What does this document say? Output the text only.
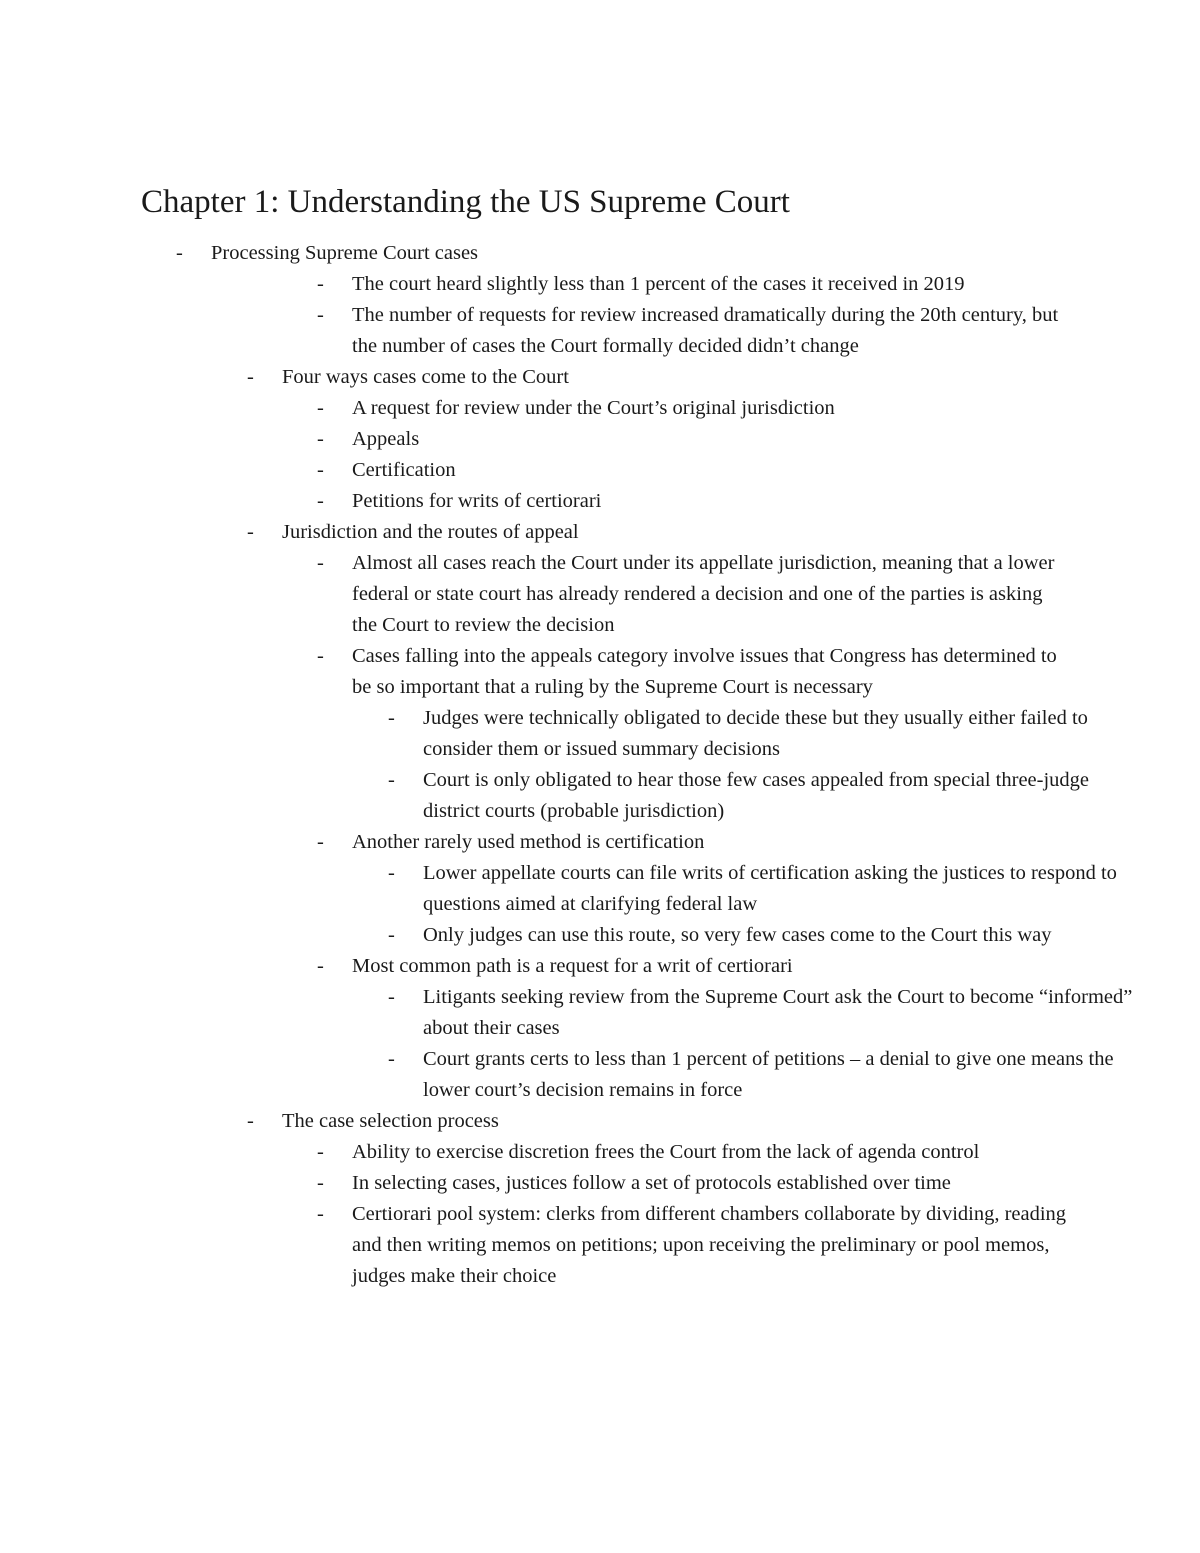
Chapter 1: Understanding the US Supreme Court
- Processing Supreme Court cases
- The court heard slightly less than 1 percent of the cases it received in 2019
- The number of requests for review increased dramatically during the 20th century, but the number of cases the Court formally decided didn’t change
- Four ways cases come to the Court
- A request for review under the Court’s original jurisdiction
- Appeals
- Certification
- Petitions for writs of certiorari
- Jurisdiction and the routes of appeal
- Almost all cases reach the Court under its appellate jurisdiction, meaning that a lower federal or state court has already rendered a decision and one of the parties is asking the Court to review the decision
- Cases falling into the appeals category involve issues that Congress has determined to be so important that a ruling by the Supreme Court is necessary
- Judges were technically obligated to decide these but they usually either failed to consider them or issued summary decisions
- Court is only obligated to hear those few cases appealed from special three-judge district courts (probable jurisdiction)
- Another rarely used method is certification
- Lower appellate courts can file writs of certification asking the justices to respond to questions aimed at clarifying federal law
- Only judges can use this route, so very few cases come to the Court this way
- Most common path is a request for a writ of certiorari
- Litigants seeking review from the Supreme Court ask the Court to become “informed” about their cases
- Court grants certs to less than 1 percent of petitions – a denial to give one means the lower court’s decision remains in force
- The case selection process
- Ability to exercise discretion frees the Court from the lack of agenda control
- In selecting cases, justices follow a set of protocols established over time
- Certiorari pool system: clerks from different chambers collaborate by dividing, reading and then writing memos on petitions; upon receiving the preliminary or pool memos, judges make their choice
